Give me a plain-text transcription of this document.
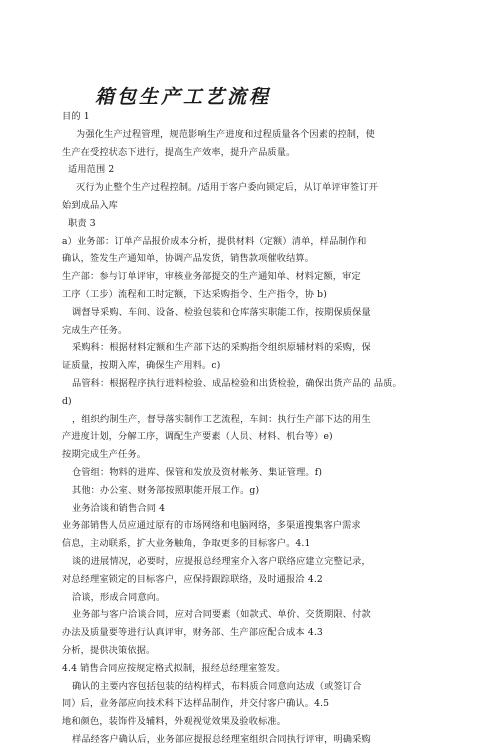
箱包生产工艺流程
目的 1
为强化生产过程管理，规范影响生产进度和过程质量各个因素的控制，使
生产在受控状态下进行，提高生产效率，提升产品质量。
适用范围 2
灭行为止整个生产过程控制。/适用于客户委向锁定后，从订单评审签订开
始到成品入库
职责 3
a）业务部：订单产品报价成本分析，提供材料（定额）清单，样品制作和
确认，签发生产通知单，协调产品发货，销售款项催收结算。
生产部：参与订单评审，审核业务部提交的生产通知单、材料定额，审定
工序（工步）流程和工时定额，下达采购指令、生产指令，协 b)
调督导采购、车间、设备、检验包装和仓库落实职能工作，按期保质保量
完成生产任务。
采购科：根据材料定额和生产部下达的采购指令组织原辅材料的采购，保
证质量，按期入库，确保生产用料。c)
品管科：根据程序执行进料检验、成品检验和出货检验，确保出货产品的 品质。
d)
，组织约制生产，督导落实制作工艺流程，车间：执行生产部下达的用生
产进度计划，分解工序，调配生产要素（人员、材料、机台等）e)
按期完成生产任务。
仓管组：物料的进库、保管和发放及资材帐务、集证管理。f)
其他：办公室、财务部按照职能开展工作。g)
业务洽谈和销售合同 4
业务部销售人员应通过原有的市场网络和电脑网络，多渠道搜集客户需求
信息，主动联系，扩大业务触角，争取更多的目标客户。4.1
谈的进展情况，必要时，应提报总经理室介入客户联络应建立完整记录，
对总经理室锁定的目标客户，应保持跟踪联络，及时通报洽 4.2
洽谈，形成合同意向。
业务部与客户洽谈合同，应对合同要素（如款式、单价、交货期限、付款
办法及质量要等进行认真评审，财务部、生产部应配合成本 4.3
分析，提供决策依据。
4.4 销售合同应按规定格式拟制，报经总经理室签发。
确认的主要内容包括包装的结构样式，布料质合同意向达成（或签订合
同）后，业务部应向技术科下达样品制作，并交付客户确认。4.5
地和颜色，装饰件及辅料，外观视觉效果及验收标准。
样品经客户确认后，业务部应提报总经理室组织合同执行评审，明确采购
